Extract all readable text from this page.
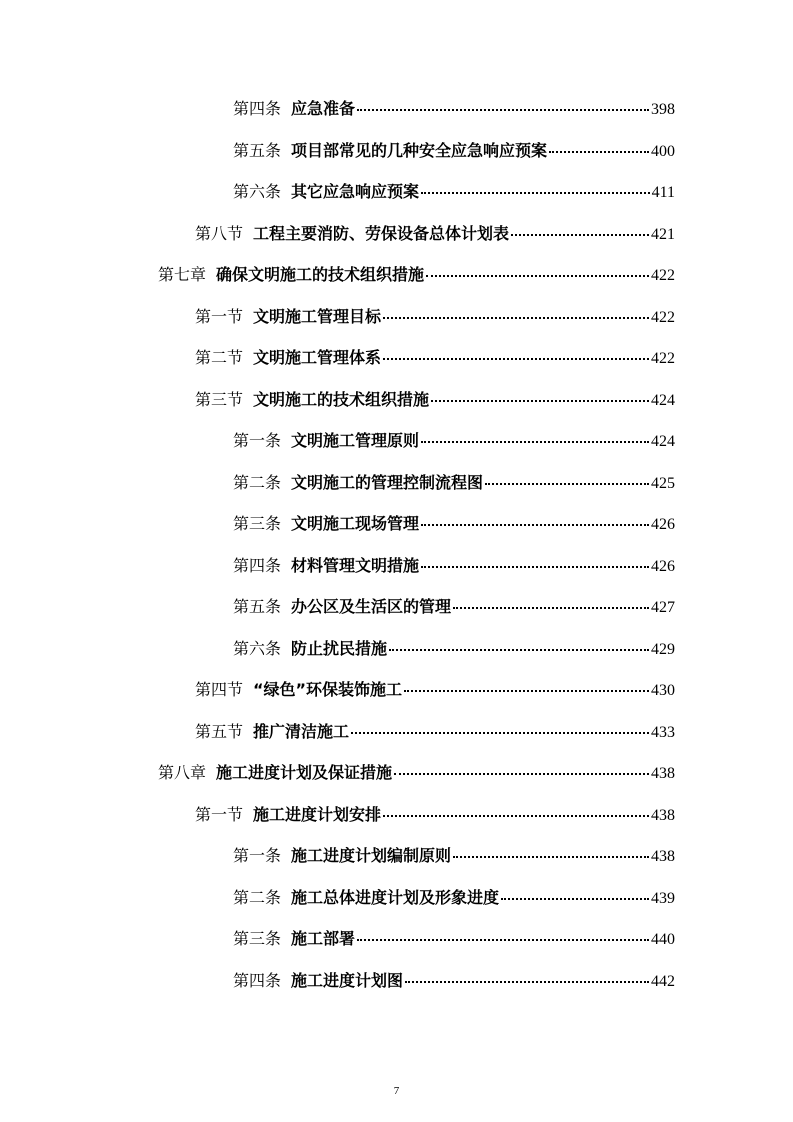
第四条 应急准备	398
第五条 项目部常见的几种安全应急响应预案	400
第六条 其它应急响应预案	411
第八节 工程主要消防、劳保设备总体计划表	421
第七章 确保文明施工的技术组织措施	422
第一节 文明施工管理目标	422
第二节 文明施工管理体系	422
第三节 文明施工的技术组织措施	424
第一条 文明施工管理原则	424
第二条 文明施工的管理控制流程图	425
第三条 文明施工现场管理	426
第四条 材料管理文明措施	426
第五条 办公区及生活区的管理	427
第六条 防止扰民措施	429
第四节 “绿色”环保装饰施工	430
第五节 推广清洁施工	433
第八章 施工进度计划及保证措施	438
第一节 施工进度计划安排	438
第一条 施工进度计划编制原则	438
第二条 施工总体进度计划及形象进度	439
第三条 施工部署	440
第四条 施工进度计划图	442
7
